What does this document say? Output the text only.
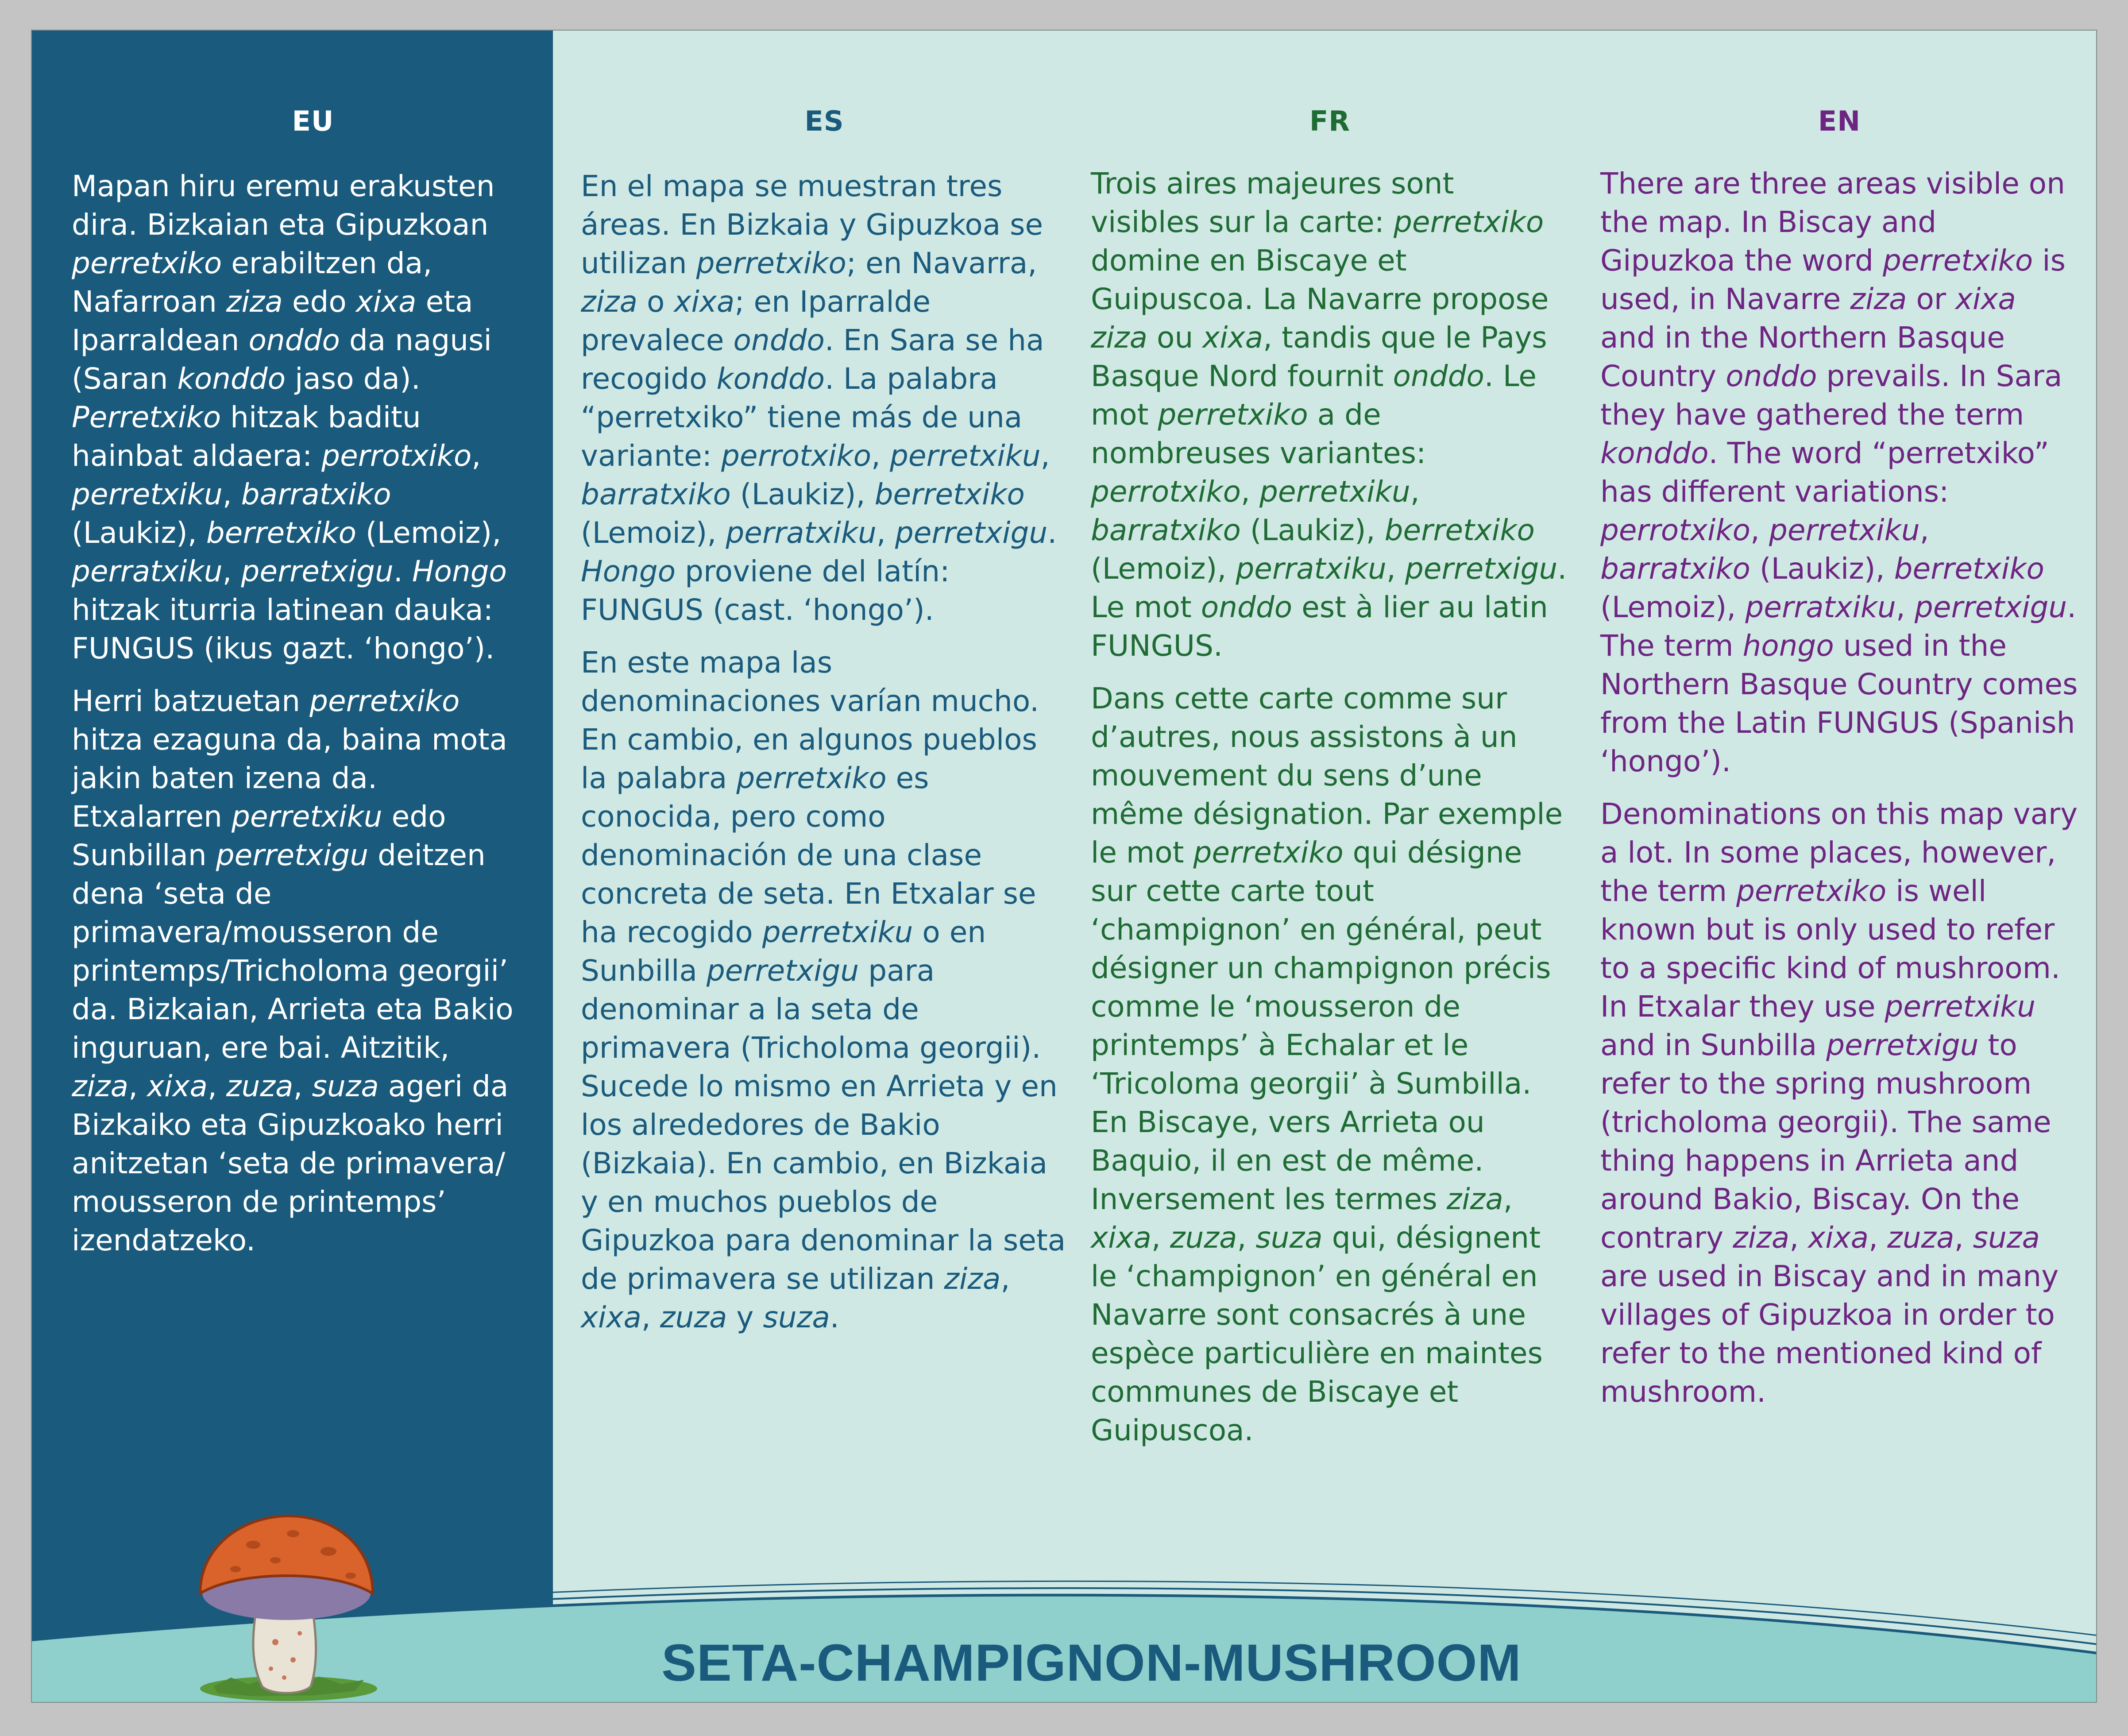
EU

Mapan hiru eremu erakusten dira. Bizkaian eta Gipuzkoan perretxiko erabiltzen da, Nafarroan ziza edo xixa eta Iparraldean onddo da nagusi (Saran konddo jaso da). Perretxiko hitzak baditu hainbat aldaera: perrotxiko, perretxiku, barratxiko (Laukiz), berretxiko (Lemoiz), perratxiku, perretxigu. Hongo hitzak iturria latinean dauka: FUNGUS (ikus gazt. ‘hongo’).

Herri batzuetan perretxiko hitza ezaguna da, baina mota jakin baten izena da. Etxalarren perretxiku edo Sunbillan perretxigu deitzen dena ‘seta de primavera/mousseron de printemps/Tricholoma georgii’ da. Bizkaian, Arrieta eta Bakio inguruan, ere bai. Aitzitik, ziza, xixa, zuza, suza ageri da Bizkaiko eta Gipuzkoako herri anitzetan ‘seta de primavera/ mousseron de printemps’ izendatzeko.

ES

En el mapa se muestran tres áreas. En Bizkaia y Gipuzkoa se utilizan perretxiko; en Navarra, ziza o xixa; en Iparralde prevalece onddo. En Sara se ha recogido konddo. La palabra “perretxiko” tiene más de una variante: perrotxiko, perretxiku, barratxiko (Laukiz), berretxiko (Lemoiz), perratxiku, perretxigu. Hongo proviene del latín: FUNGUS (cast. ‘hongo’).

En este mapa las denominaciones varían mucho. En cambio, en algunos pueblos la palabra perretxiko es conocida, pero como denominación de una clase concreta de seta. En Etxalar se ha recogido perretxiku o en Sunbilla perretxigu para denominar a la seta de primavera (Tricholoma georgii). Sucede lo mismo en Arrieta y en los alrededores de Bakio (Bizkaia). En cambio, en Bizkaia y en muchos pueblos de Gipuzkoa para denominar la seta de primavera se utilizan ziza, xixa, zuza y suza.

FR

Trois aires majeures sont visibles sur la carte: perretxiko domine en Biscaye et Guipuscoa. La Navarre propose ziza ou xixa, tandis que le Pays Basque Nord fournit onddo. Le mot perretxiko a de nombreuses variantes: perrotxiko, perretxiku, barratxiko (Laukiz), berretxiko (Lemoiz), perratxiku, perretxigu. Le mot onddo est à lier au latin FUNGUS.

Dans cette carte comme sur d’autres, nous assistons à un mouvement du sens d’une même désignation. Par exemple le mot perretxiko qui désigne sur cette carte tout ‘champignon’ en général, peut désigner un champignon précis comme le ‘mousseron de printemps’ à Echalar et le ‘Tricoloma georgii’ à Sumbilla. En Biscaye, vers Arrieta ou Baquio, il en est de même. Inversement les termes ziza, xixa, zuza, suza qui, désignent le ‘champignon’ en général en Navarre sont consacrés à une espèce particulière en maintes communes de Biscaye et Guipuscoa.

EN

There are three areas visible on the map. In Biscay and Gipuzkoa the word perretxiko is used, in Navarre ziza or xixa and in the Northern Basque Country onddo prevails. In Sara they have gathered the term konddo. The word “perretxiko” has different variations: perrotxiko, perretxiku, barratxiko (Laukiz), berretxiko (Lemoiz), perratxiku, perretxigu. The term hongo used in the Northern Basque Country comes from the Latin FUNGUS (Spanish ‘hongo’).

Denominations on this map vary a lot. In some places, however, the term perretxiko is well known but is only used to refer to a specific kind of mushroom. In Etxalar they use perretxiku and in Sunbilla perretxigu to refer to the spring mushroom (tricholoma georgii). The same thing happens in Arrieta and around Bakio, Biscay. On the contrary ziza, xixa, zuza, suza are used in Biscay and in many villages of Gipuzkoa in order to refer to the mentioned kind of mushroom.

SETA-CHAMPIGNON-MUSHROOM
